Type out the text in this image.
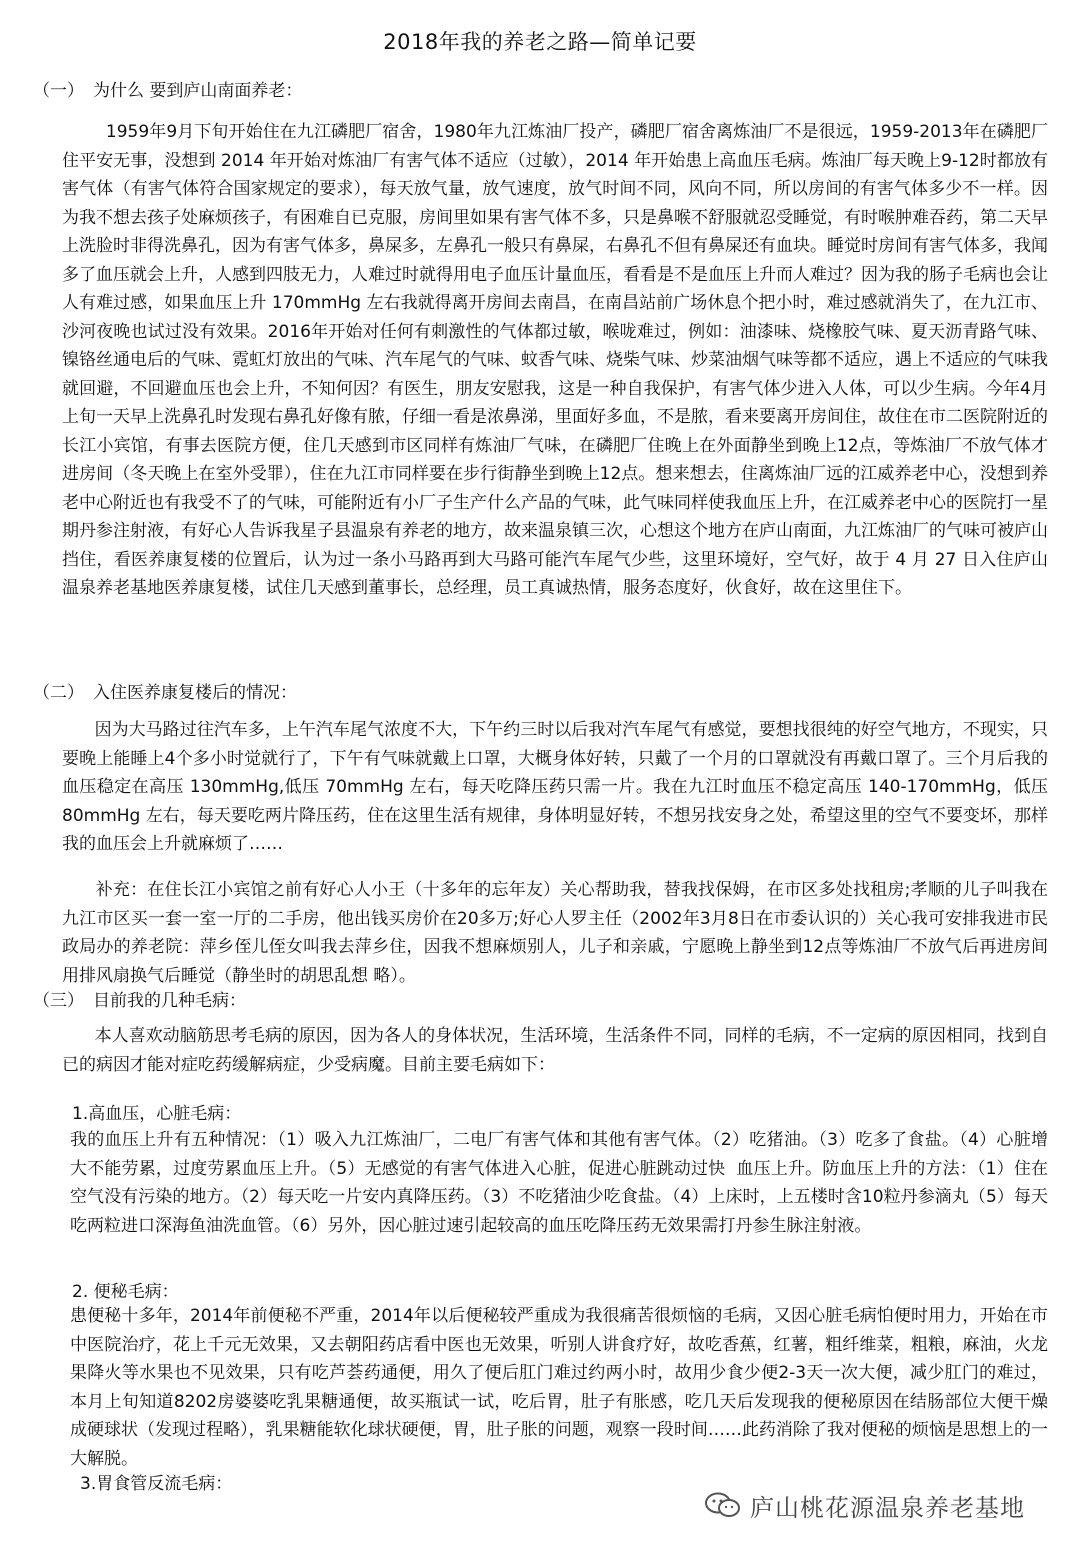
2018年我的养老之路—简单记要
（一） 为什么 要到庐山南面养老：

1959年9月下旬开始住在九江磷肥厂宿舍，1980年九江炼油厂投产，磷肥厂宿舍离炼油厂不是很远，1959-2013年在磷肥厂住平安无事，没想到 2014 年开始对炼油厂有害气体不适应（过敏），2014 年开始患上高血压毛病。炼油厂每天晚上9-12时都放有害气体（有害气体符合国家规定的要求），每天放气量，放气速度，放气时间不同，风向不同，所以房间的有害气体多少不一样。因为我不想去孩子处麻烦孩子，有困难自已克服，房间里如果有害气体不多，只是鼻喉不舒服就忍受睡觉，有时喉肿难吞药，第二天早上洗脸时非得洗鼻孔，因为有害气体多，鼻屎多，左鼻孔一般只有鼻屎，右鼻孔不但有鼻屎还有血块。睡觉时房间有害气体多，我闻多了血压就会上升，人感到四肢无力，人难过时就得用电子血压计量血压，看看是不是血压上升而人难过？因为我的肠子毛病也会让人有难过感，如果血压上升 170mmHg 左右我就得离开房间去南昌，在南昌站前广场休息个把小时，难过感就消失了，在九江市、沙河夜晚也试过没有效果。2016年开始对任何有刺激性的气体都过敏，喉咙难过，例如：油漆味、烧橡胶气味、夏天沥青路气味、镍铬丝通电后的气味、霓虹灯放出的气味、汽车尾气的气味、蚊香气味、烧柴气味、炒菜油烟气味等都不适应，遇上不适应的气味我就回避，不回避血压也会上升，不知何因？有医生，朋友安慰我，这是一种自我保护，有害气体少进入人体，可以少生病。今年4月上旬一天早上洗鼻孔时发现右鼻孔好像有脓，仔细一看是浓鼻涕，里面好多血，不是脓，看来要离开房间住，故住在市二医院附近的长江小宾馆，有事去医院方便，住几天感到市区同样有炼油厂气味，在磷肥厂住晚上在外面静坐到晚上12点，等炼油厂不放气体才进房间（冬天晚上在室外受罪），住在九江市同样要在步行街静坐到晚上12点。想来想去，住离炼油厂远的江威养老中心，没想到养老中心附近也有我受不了的气味，可能附近有小厂子生产什么产品的气味，此气味同样使我血压上升，在江威养老中心的医院打一星期丹参注射液，有好心人告诉我星子县温泉有养老的地方，故来温泉镇三次，心想这个地方在庐山南面，九江炼油厂的气味可被庐山挡住，看医养康复楼的位置后，认为过一条小马路再到大马路可能汽车尾气少些，这里环境好，空气好，故于 4 月 27 日入住庐山温泉养老基地医养康复楼，试住几天感到董事长，总经理，员工真诚热情，服务态度好，伙食好，故在这里住下。

（二） 入住医养康复楼后的情况：

因为大马路过往汽车多，上午汽车尾气浓度不大，下午约三时以后我对汽车尾气有感觉，要想找很纯的好空气地方，不现实，只要晚上能睡上4个多小时觉就行了，下午有气味就戴上口罩，大概身体好转，只戴了一个月的口罩就没有再戴口罩了。三个月后我的血压稳定在高压 130mmHg,低压 70mmHg 左右，每天吃降压药只需一片。我在九江时血压不稳定高压 140-170mmHg，低压 80mmHg 左右，每天要吃两片降压药，住在这里生活有规律，身体明显好转，不想另找安身之处，希望这里的空气不要变坏，那样我的血压会上升就麻烦了……

补充：在住长江小宾馆之前有好心人小王（十多年的忘年友）关心帮助我，替我找保姆，在市区多处找租房;孝顺的儿子叫我在九江市区买一套一室一厅的二手房，他出钱买房价在20多万;好心人罗主任（2002年3月8日在市委认识的）关心我可安排我进市民政局办的养老院：萍乡侄儿侄女叫我去萍乡住，因我不想麻烦别人，儿子和亲戚，宁愿晚上静坐到12点等炼油厂不放气后再进房间用排风扇换气后睡觉（静坐时的胡思乱想 略）。

（三） 目前我的几种毛病：

本人喜欢动脑筋思考毛病的原因，因为各人的身体状况，生活环境，生活条件不同，同样的毛病，不一定病的原因相同，找到自已的病因才能对症吃药缓解病症，少受病魔。目前主要毛病如下：

1.高血压，心脏毛病：

我的血压上升有五种情况：（1）吸入九江炼油厂，二电厂有害气体和其他有害气体。（2）吃猪油。（3）吃多了食盐。（4）心脏增大不能劳累，过度劳累血压上升。（5）无感觉的有害气体进入心脏，促进心脏跳动过快  血压上升。防血压上升的方法：（1）住在空气没有污染的地方。（2）每天吃一片安内真降压药。（3）不吃猪油少吃食盐。（4）上床时，上五楼时含10粒丹参滴丸（5）每天吃两粒进口深海鱼油洗血管。（6）另外，因心脏过速引起较高的血压吃降压药无效果需打丹参生脉注射液。

2. 便秘毛病：

患便秘十多年，2014年前便秘不严重，2014年以后便秘较严重成为我很痛苦很烦恼的毛病，又因心脏毛病怕便时用力，开始在市中医院治疗，花上千元无效果，又去朝阳药店看中医也无效果，听别人讲食疗好，故吃香蕉，红薯，粗纤维菜，粗粮，麻油，火龙果降火等水果也不见效果，只有吃芦荟药通便，用久了便后肛门难过约两小时，故用少食少便2-3天一次大便，减少肛门的难过，本月上旬知道8202房婆婆吃乳果糖通便，故买瓶试一试，吃后胃，肚子有胀感，吃几天后发现我的便秘原因在结肠部位大便干燥成硬球状（发现过程略），乳果糖能软化球状硬便，胃，肚子胀的问题，观察一段时间……此药消除了我对便秘的烦恼是思想上的一大解脱。

3.胃食管反流毛病：

庐山桃花源温泉养老基地
